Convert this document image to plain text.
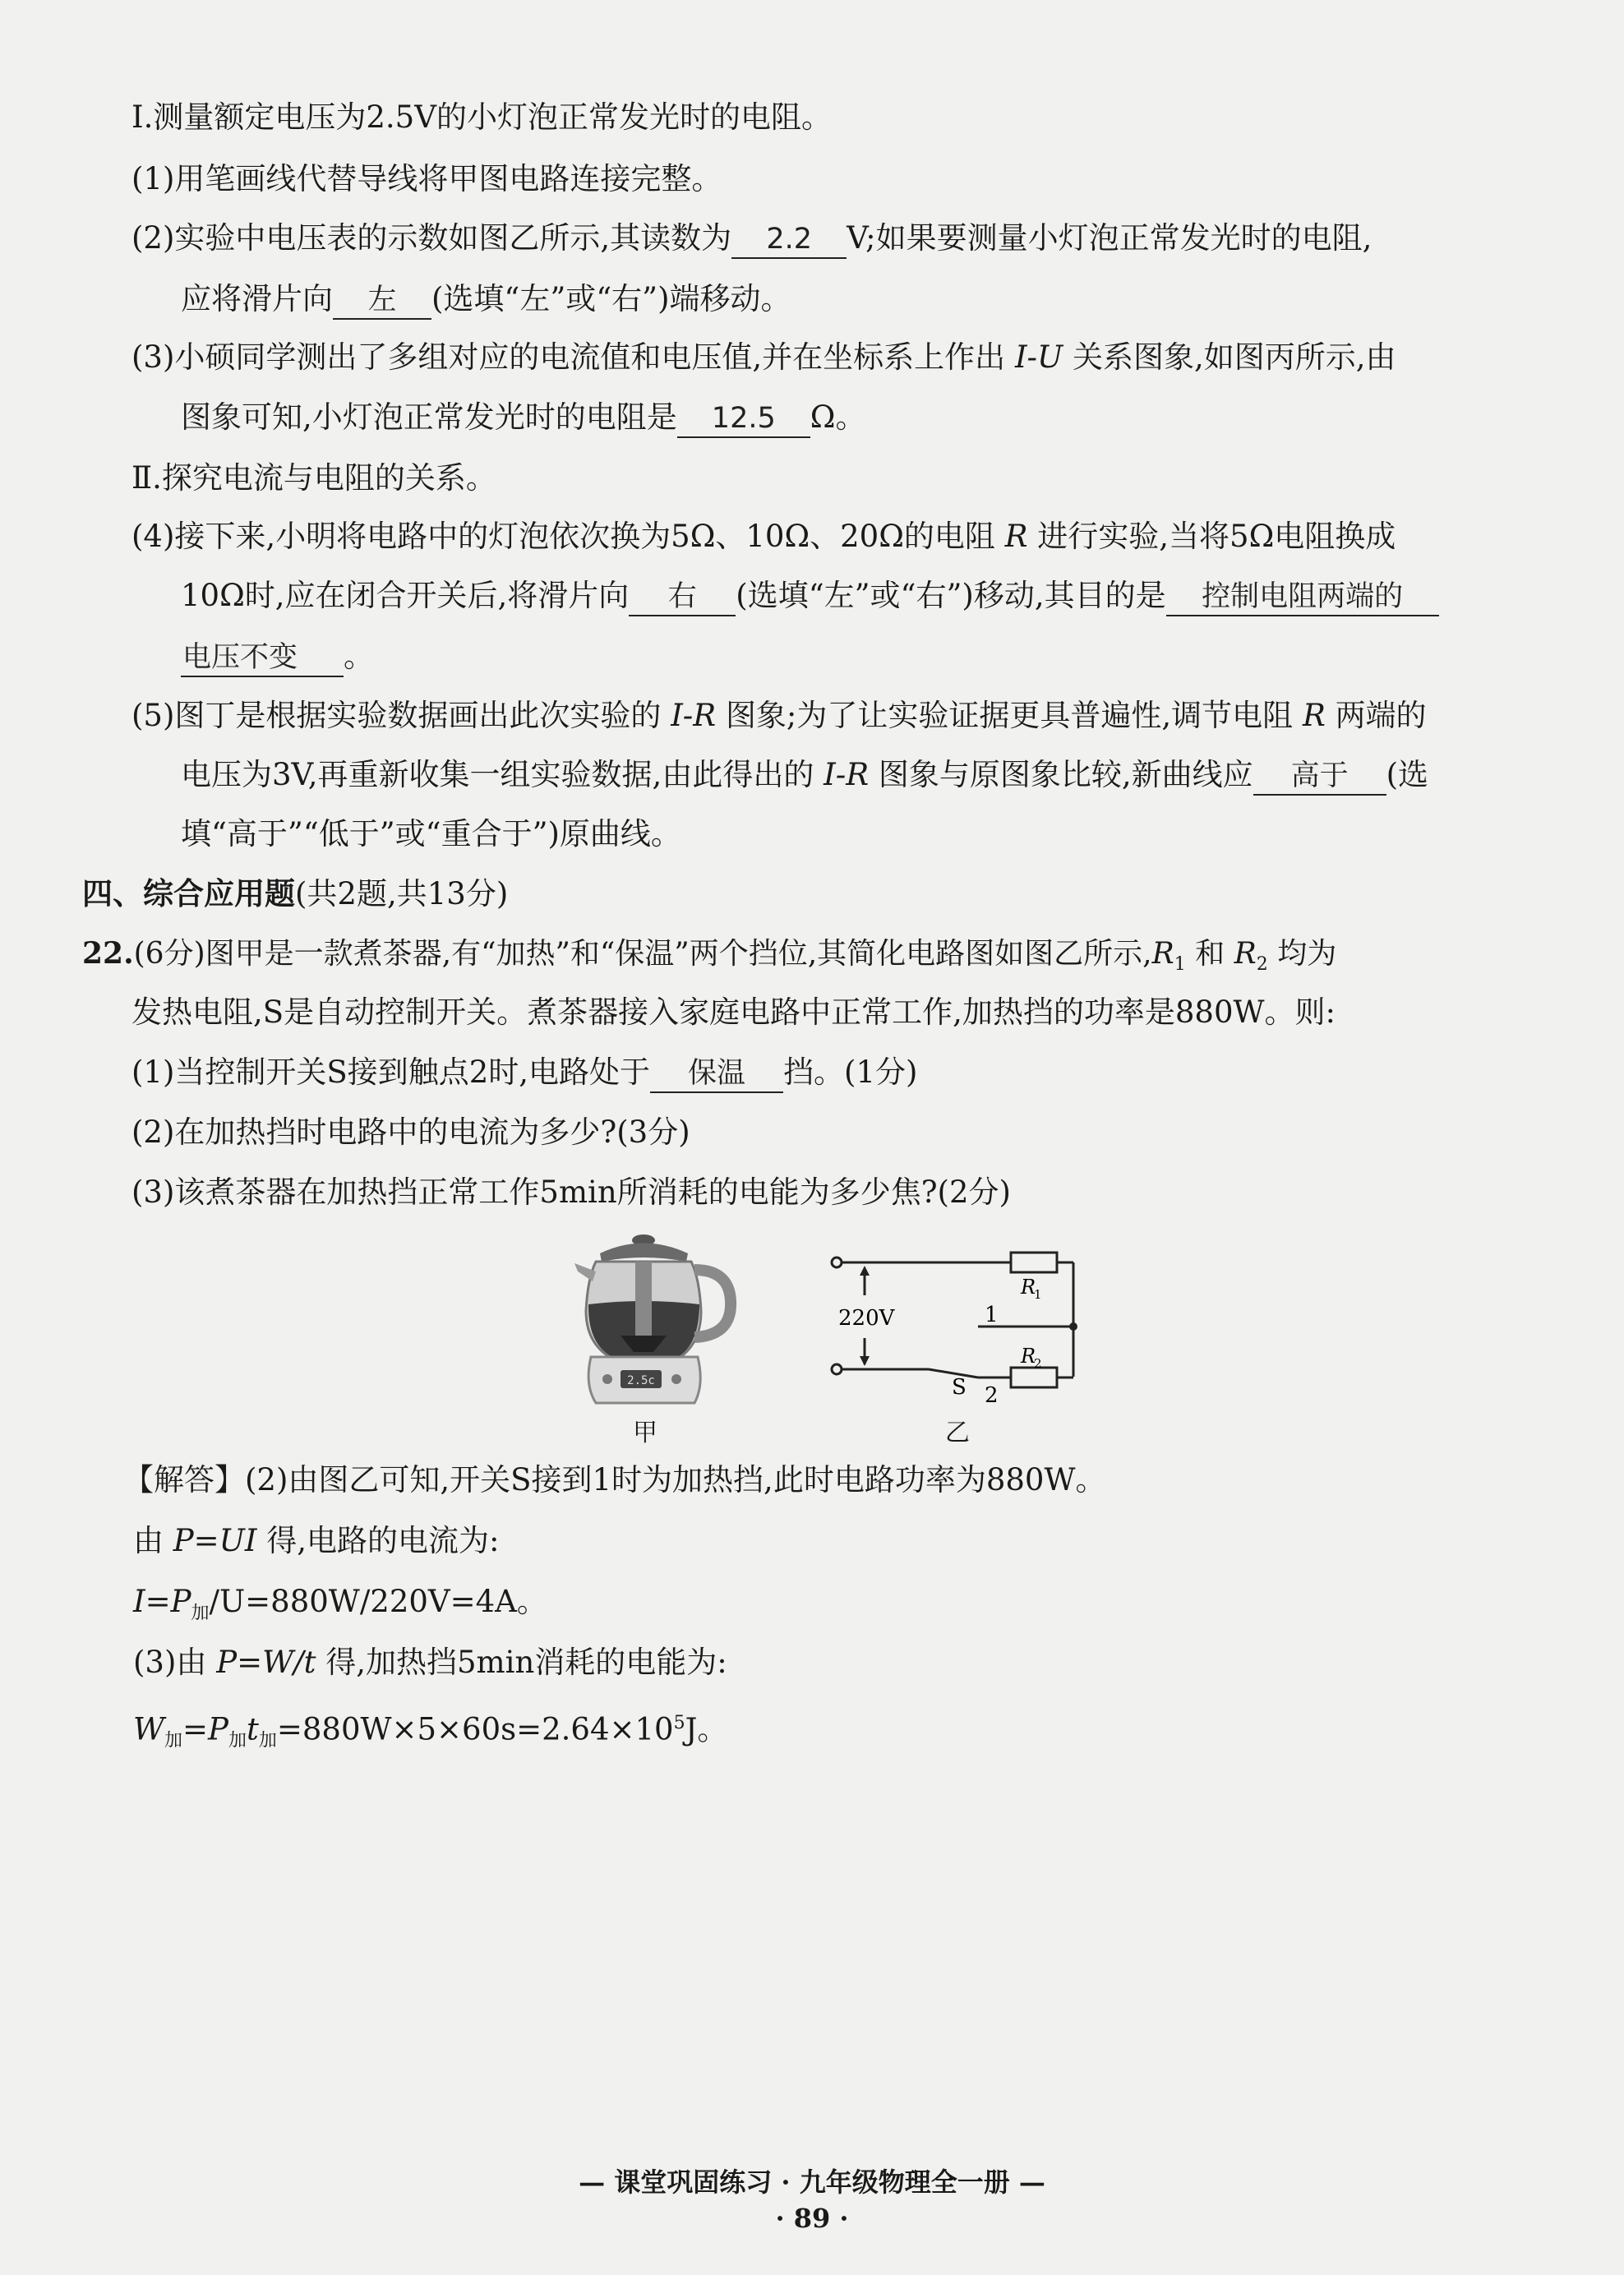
Ⅰ.测量额定电压为2.5V的小灯泡正常发光时的电阻。
(1)用笔画线代替导线将甲图电路连接完整。
(2)实验中电压表的示数如图乙所示,其读数为 2.2 V;如果要测量小灯泡正常发光时的电阻,
应将滑片向 左 (选填“左”或“右”)端移动。
(3)小硕同学测出了多组对应的电流值和电压值,并在坐标系上作出 I-U 关系图象,如图丙所示,由
图象可知,小灯泡正常发光时的电阻是 12.5 Ω。
Ⅱ.探究电流与电阻的关系。
(4)接下来,小明将电路中的灯泡依次换为5Ω、10Ω、20Ω的电阻 R 进行实验,当将5Ω电阻换成
10Ω时,应在闭合开关后,将滑片向 右 (选填“左”或“右”)移动,其目的是 控制电阻两端的
电压不变 。
(5)图丁是根据实验数据画出此次实验的 I-R 图象;为了让实验证据更具普遍性,调节电阻 R 两端的
电压为3V,再重新收集一组实验数据,由此得出的 I-R 图象与原图象比较,新曲线应 高于 (选
填“高于”“低于”或“重合于”)原曲线。
四、综合应用题(共2题,共13分)
22.(6分)图甲是一款煮茶器,有“加热”和“保温”两个挡位,其简化电路图如图乙所示$,R_1$ 和 $R_2$ 均为
发热电阻,S是自动控制开关。煮茶器接入家庭电路中正常工作,加热挡的功率是880W。则:
(1)当控制开关S接到触点2时,电路处于 保温 挡。(1分)
(2)在加热挡时电路中的电流为多少?(3分)
(3)该煮茶器在加热挡正常工作5min所消耗的电能为多少焦?(2分)
2.5c
甲
220V
R
1
R
2
1
2
S
乙
【解答】(2)由图乙可知,开关S接到1时为加热挡,此时电路功率为880W。
由 P=UI 得,电路的电流为:
$I=P_加/U=880W/220V=4A$。
(3)由 P=W/t 得,加热挡5min消耗的电能为:
$W_加=P_加t_加=880W\times 5\times 60s=2.64\times 10^5J$。
— 课堂巩固练习 · 九年级物理全一册 —
· 89 ·
